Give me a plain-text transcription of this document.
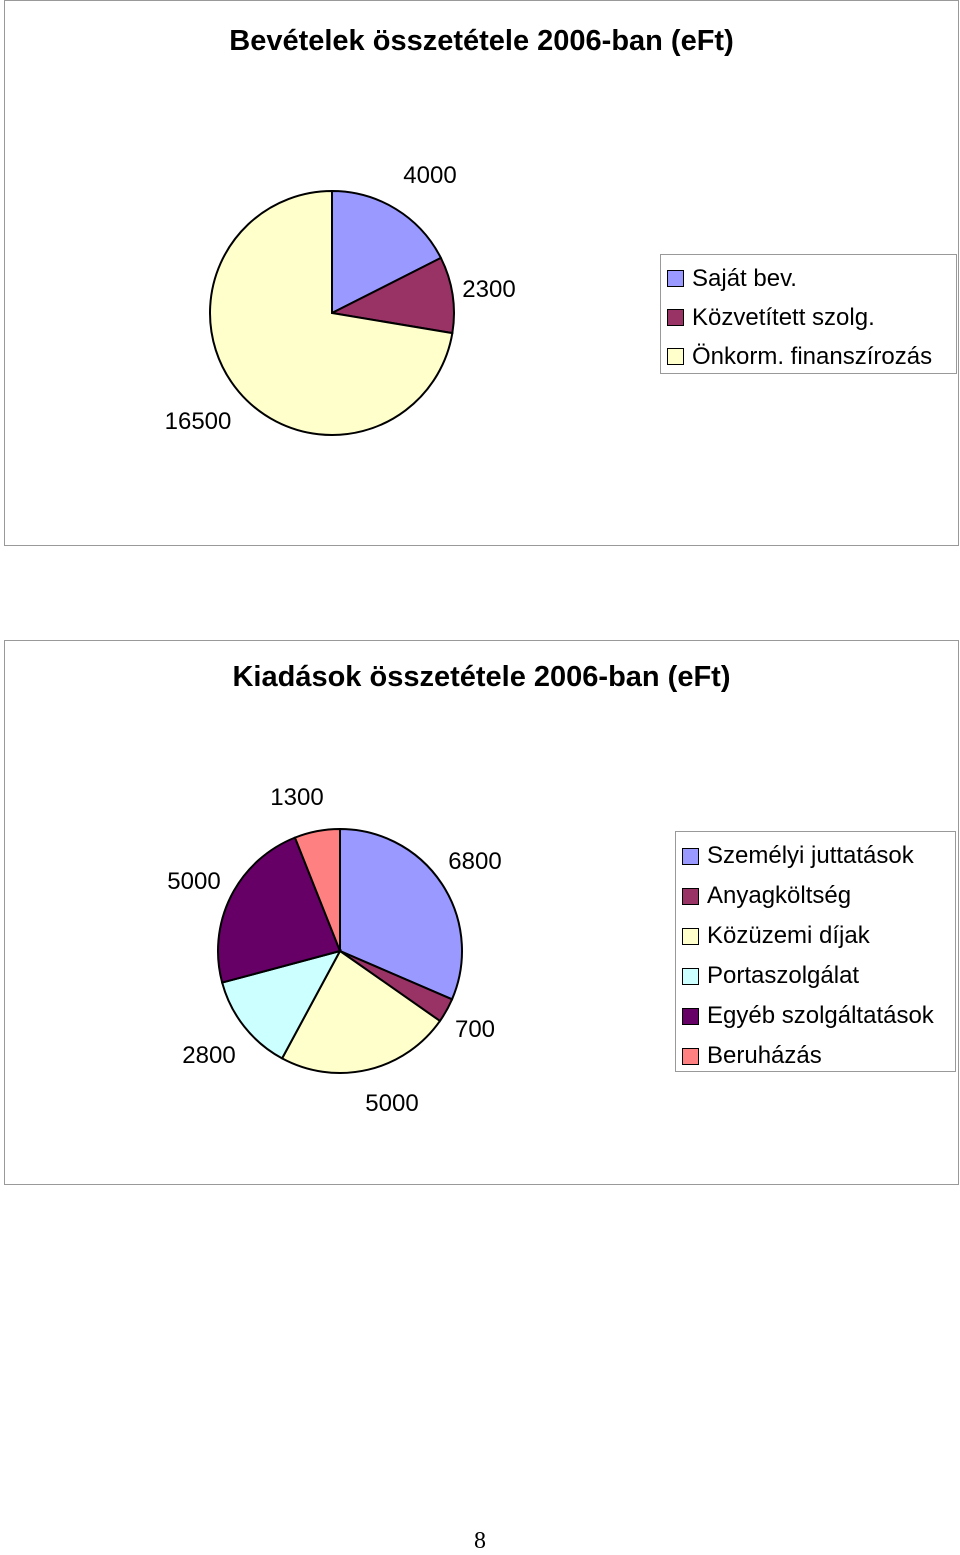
Bevételek összetétele 2006-ban (eFt)
4000
2300
16500
Saját bev.
Közvetített szolg.
Önkorm. finanszírozás
Kiadások összetétele 2006-ban (eFt)
6800
700
5000
2800
5000
1300
Személyi juttatások
Anyagköltség
Közüzemi díjak
Portaszolgálat
Egyéb szolgáltatások
Beruházás
8
